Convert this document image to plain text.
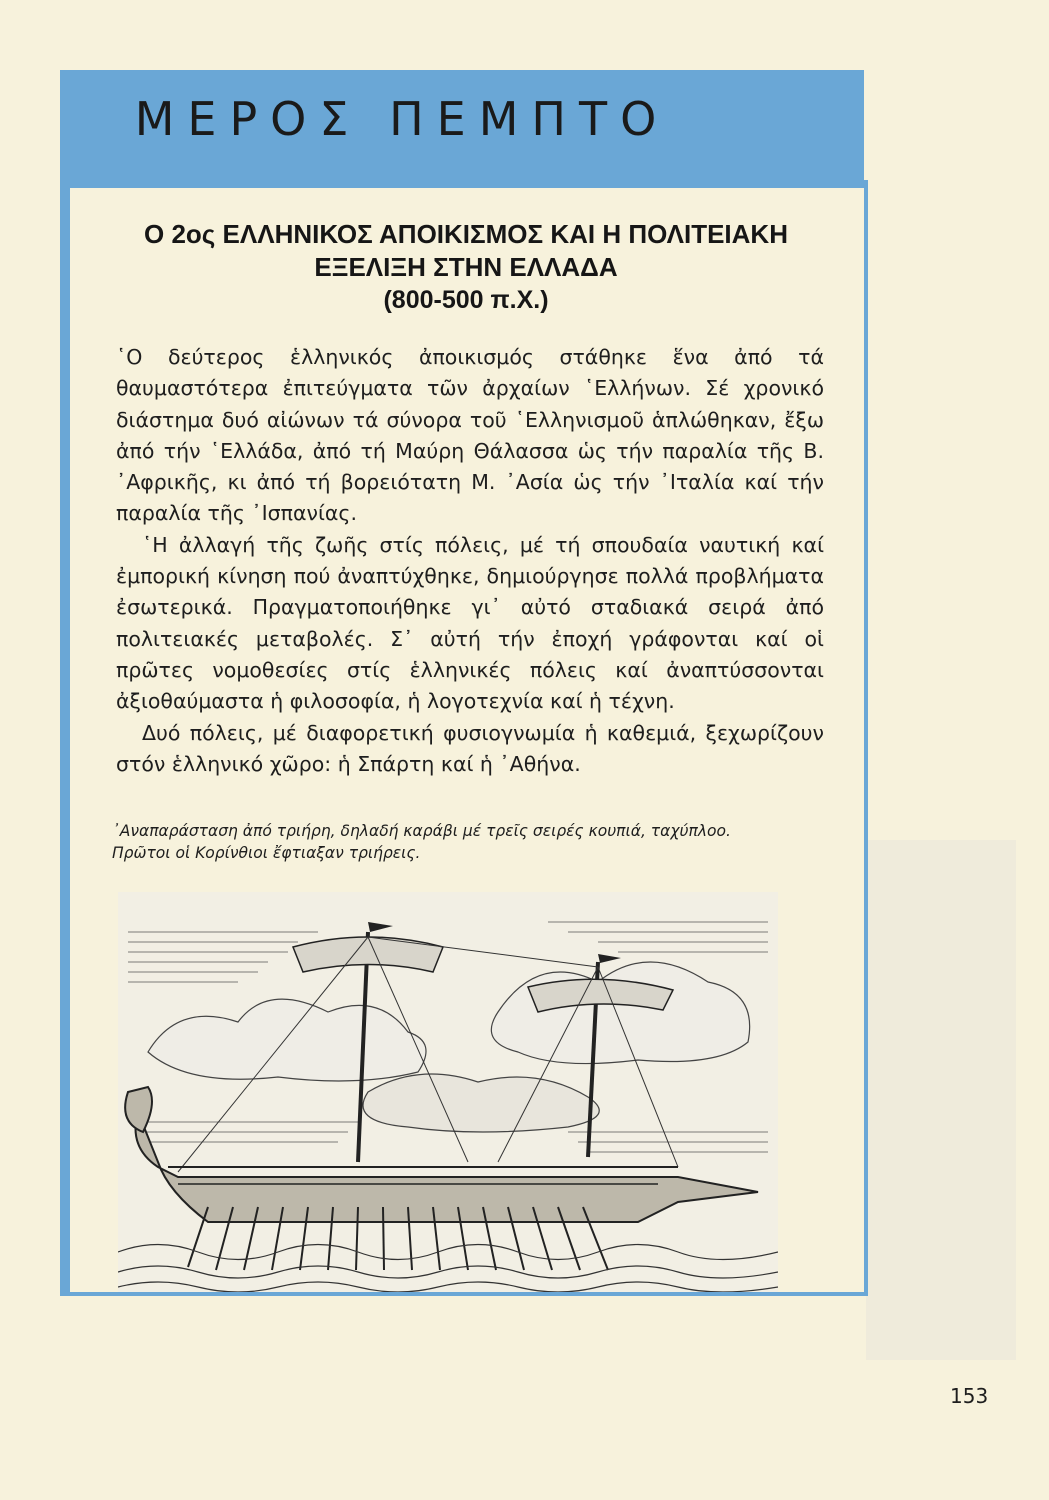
ΜΕΡΟΣ ΠΕΜΠΤΟ
Ο 2ος ΕΛΛΗΝΙΚΟΣ ΑΠΟΙΚΙΣΜΟΣ ΚΑΙ Η ΠΟΛΙΤΕΙΑΚΗ
ΕΞΕΛΙΞΗ ΣΤΗΝ ΕΛΛΑΔΑ
(800-500 π.Χ.)

῾Ο δεύτερος ἑλληνικός ἀποικισμός στάθηκε ἕνα ἀπό τά θαυμαστότερα ἐπιτεύγματα τῶν ἀρχαίων ῾Ελλήνων. Σέ χρονικό διάστημα δυό αἰώνων τά σύνορα τοῦ ῾Ελληνισμοῦ ἁπλώθηκαν, ἔξω ἀπό τήν ῾Ελλάδα, ἀπό τή Μαύρη Θάλασσα ὡς τήν παραλία τῆς Β. ᾿Αφρικῆς, κι ἀπό τή βορειότατη Μ. ᾿Ασία ὡς τήν ᾿Ιταλία καί τήν παραλία τῆς ᾿Ισπανίας.

῾Η ἀλλαγή τῆς ζωῆς στίς πόλεις, μέ τή σπουδαία ναυτική καί ἐμπορική κίνηση πού ἀναπτύχθηκε, δημιούργησε πολλά προβλήματα ἐσωτερικά. Πραγματοποιήθηκε γι᾿ αὐτό σταδιακά σειρά ἀπό πολιτειακές μεταβολές. Σ᾿ αὐτή τήν ἐποχή γράφονται καί οἱ πρῶτες νομοθεσίες στίς ἑλληνικές πόλεις καί ἀναπτύσσονται ἀξιοθαύμαστα ἡ φιλοσοφία, ἡ λογοτεχνία καί ἡ τέχνη.

Δυό πόλεις, μέ διαφορετική φυσιογνωμία ἡ καθεμιά, ξεχωρίζουν στόν ἑλληνικό χῶρο: ἡ Σπάρτη καί ἡ ᾿Αθήνα.

᾿Αναπαράσταση ἀπό τριήρη, δηλαδή καράβι μέ τρεῖς σειρές κουπιά, ταχύπλοο.
Πρῶτοι οἱ Κορίνθιοι ἔφτιαξαν τριήρεις.
153
